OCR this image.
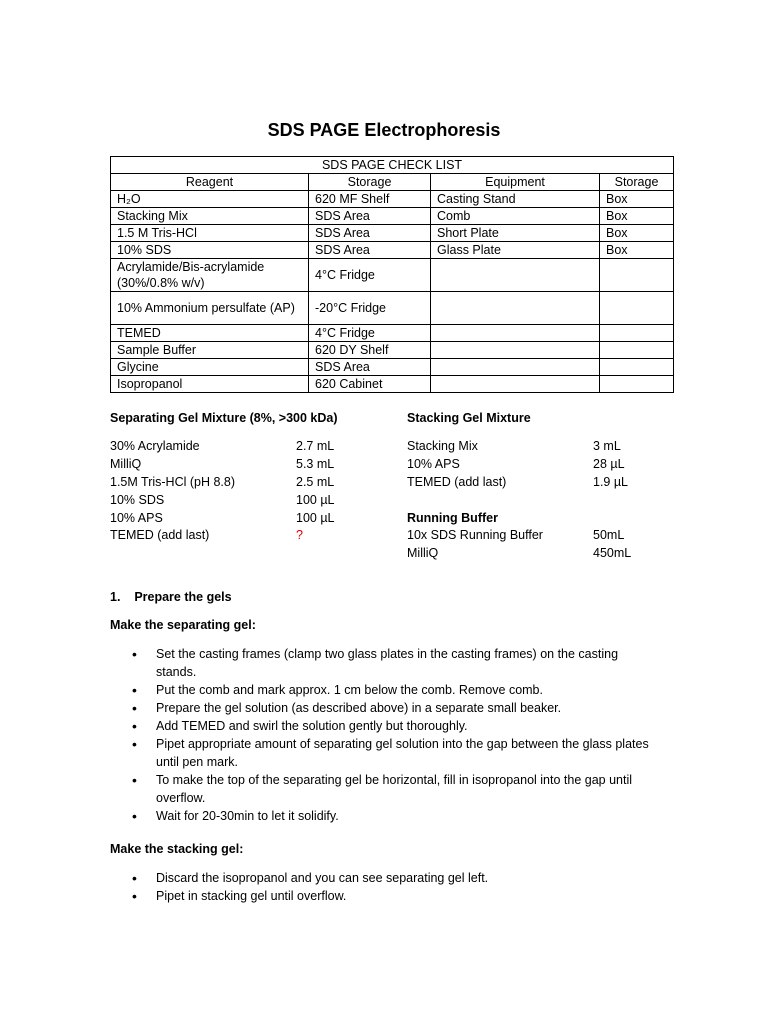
SDS PAGE Electrophoresis
SDS PAGE CHECK LIST			
Reagent	Storage	Equipment	Storage
H₂O	620 MF Shelf	Casting Stand	Box
Stacking Mix	SDS Area	Comb	Box
1.5 M Tris-HCl	SDS Area	Short Plate	Box
10% SDS	SDS Area	Glass Plate	Box
Acrylamide/Bis-acrylamide (30%/0.8% w/v)	4°C Fridge		
10% Ammonium persulfate (AP)	-20°C Fridge		
TEMED	4°C Fridge		
Sample Buffer	620 DY Shelf		
Glycine	SDS Area		
Isopropanol	620 Cabinet		
Separating Gel Mixture (8%, >300 kDa)
30% Acrylamide	2.7 mL
MilliQ	5.3 mL
1.5M Tris-HCl (pH 8.8)	2.5 mL
10% SDS	100 µL
10% APS	100 µL
TEMED (add last)	?
Stacking Gel Mixture
Stacking Mix	3 mL
10% APS	28 µL
TEMED (add last)	1.9 µL
Running Buffer
10x SDS Running Buffer	50mL
MilliQ	450mL
1.    Prepare the gels
Make the separating gel:
• Set the casting frames (clamp two glass plates in the casting frames) on the casting stands.
• Put the comb and mark approx. 1 cm below the comb. Remove comb.
• Prepare the gel solution (as described above) in a separate small beaker.
• Add TEMED and swirl the solution gently but thoroughly.
• Pipet appropriate amount of separating gel solution into the gap between the glass plates until pen mark.
• To make the top of the separating gel be horizontal, fill in isopropanol into the gap until overflow.
• Wait for 20-30min to let it solidify.
Make the stacking gel:
• Discard the isopropanol and you can see separating gel left.
• Pipet in stacking gel until overflow.
